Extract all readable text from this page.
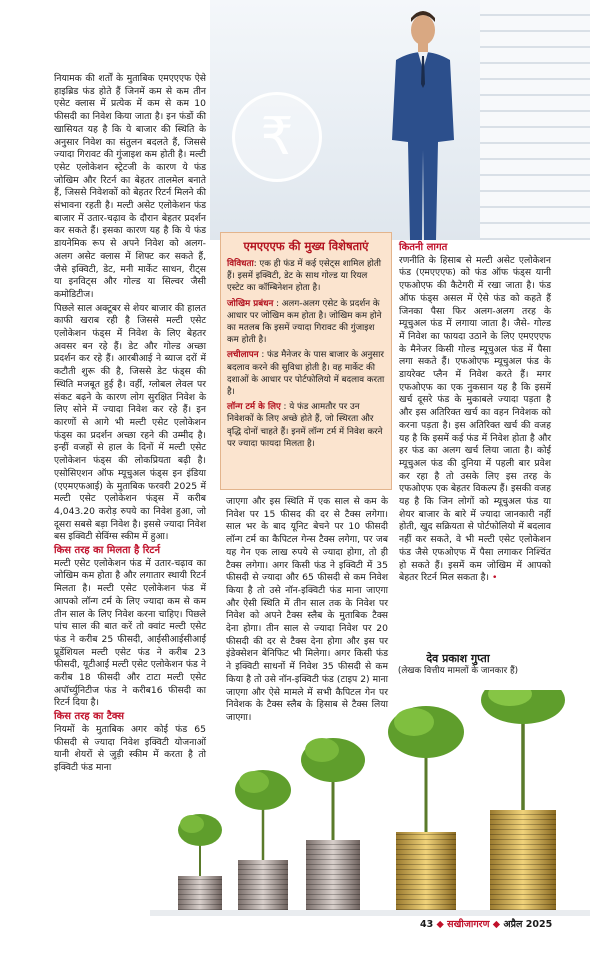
₹

नियामक की शर्तों के मुताबिक एमएएएफ ऐसे हाइब्रिड फंड होते हैं जिनमें कम से कम तीन एसेट क्लास में प्रत्येक में कम से कम 10 फीसदी का निवेश किया जाता है। इन फंडों की खासियत यह है कि ये बाजार की स्थिति के अनुसार निवेश का संतुलन बदलते हैं, जिससे ज्यादा गिरावट की गुंजाइश कम होती है। मल्टी एसेट एलोकेशन स्ट्रेटजी के कारण ये फंड जोखिम और रिटर्न का बेहतर तालमेल बनाते हैं, जिससे निवेशकों को बेहतर रिटर्न मिलने की संभावना रहती है। मल्टी असेट एलोकेशन फंड बाजार में उतार-चढ़ाव के दौरान बेहतर प्रदर्शन कर सकते हैं। इसका कारण यह है कि ये फंड डायनेमिक रूप से अपने निवेश को अलग-अलग असेट क्लास में शिफ्ट कर सकते हैं, जैसे इक्विटी, डेट, मनी मार्केट साधन, रीट्स या इनविट्स और गोल्ड या सिल्वर जैसी कमोडिटीज।

पिछले साल अक्टूबर से शेयर बाजार की हालत काफी खराब रही है जिससे मल्टी एसेट एलोकेशन फंड्स में निवेश के लिए बेहतर अवसर बन रहे हैं। डेट और गोल्ड अच्छा प्रदर्शन कर रहे हैं। आरबीआई ने ब्याज दरों में कटौती शुरू की है, जिससे डेट फंड्स की स्थिति मजबूत हुई है। वहीं, ग्लोबल लेवल पर संकट बढ़ने के कारण लोग सुरक्षित निवेश के लिए सोने में ज्यादा निवेश कर रहे हैं। इन कारणों से आगे भी मल्टी एसेट एलोकेशन फंड्स का प्रदर्शन अच्छा रहने की उम्मीद है। इन्हीं वजहों से हाल के दिनों में मल्टी एसेट एलोकेशन फंड्स की लोकप्रियता बढ़ी है। एसोसिएशन ऑफ म्यूचुअल फंड्स इन इंडिया (एएमएफआई) के मुताबिक फरवरी 2025 में मल्टी एसेट एलोकेशन फंड्स में करीब 4,043.20 करोड़ रुपये का निवेश हुआ, जो दूसरा सबसे बड़ा निवेश है। इससे ज्यादा निवेश बस इक्विटी सेविंग्स स्कीम में हुआ।

किस तरह का मिलता है रिटर्न

मल्टी एसेट एलोकेशन फंड में उतार-चढ़ाव का जोखिम कम होता है और लगातार स्थायी रिटर्न मिलता है। मल्टी एसेट एलोकेशन फंड में आपको लॉन्ग टर्म के लिए ज्यादा कम से कम तीन साल के लिए निवेश करना चाहिए। पिछले पांच साल की बात करें तो क्वांट मल्टी एसेट फंड ने करीब 25 फीसदी, आईसीआईसीआई प्रूडेंशियल मल्टी एसेट फंड ने करीब 23 फीसदी, यूटीआई मल्टी एसेट एलोकेशन फंड ने करीब 18 फीसदी और टाटा मल्टी एसेट अपॉर्च्युनिटीज फंड ने करीब16 फीसदी का रिटर्न दिया है।

किस तरह का टैक्स

नियमों के मुताबिक अगर कोई फंड 65 फीसदी से ज्यादा निवेश इक्विटी योजनाओं यानी शेयरों से जुड़ी स्कीम में करता है तो इक्विटी फंड माना

एमएएएफ की मुख्य विशेषताएं

विविधता: एक ही फंड में कई एसेट्स शामिल होती हैं। इसमें इक्विटी, डेट के साथ गोल्ड या रियल एस्टेट का कॉम्बिनेशन होता है।

जोखिम प्रबंधन : अलग-अलग एसेट के प्रदर्शन के आधार पर जोखिम कम होता है। जोखिम कम होने का मतलब कि इसमें ज्यादा गिरावट की गुंजाइश कम होती है।

लचीलापन : फंड मैनेजर के पास बाजार के अनुसार बदलाव करने की सुविधा होती है। वह मार्केट की दशाओं के आधार पर पोर्टफोलियो में बदलाव करता है।

लॉन्ग टर्म के लिए : ये फंड आमतौर पर उन निवेशकों के लिए अच्छे होते हैं, जो स्थिरता और वृद्धि दोनों चाहते हैं। इनमें लॉन्ग टर्म में निवेश करने पर ज्यादा फायदा मिलता है।

जाएगा और इस स्थिति में एक साल से कम के निवेश पर 15 फीसद की दर से टैक्स लगेगा। साल भर के बाद यूनिट बेचने पर 10 फीसदी लॉन्ग टर्म का कैपिटल गेन्स टैक्स लगेगा, पर जब यह गेन एक लाख रुपये से ज्यादा होगा, तो ही टैक्स लगेगा। अगर किसी फंड ने इक्विटी में 35 फीसदी से ज्यादा और 65 फीसदी से कम निवेश किया है तो उसे नॉन-इक्विटी फंड माना जाएगा और ऐसी स्थिति में तीन साल तक के निवेश पर निवेश को अपने टैक्स स्लैब के मुताबिक टैक्स देना होगा। तीन साल से ज्यादा निवेश पर 20 फीसदी की दर से टैक्स देना होगा और इस पर इंडेक्सेशन बेनिफिट भी मिलेगा। अगर किसी फंड ने इक्विटी साधनों में निवेश 35 फीसदी से कम किया है तो उसे नॉन-इक्विटी फंड (टाइप 2) माना जाएगा और ऐसे मामले में सभी कैपिटल गेन पर निवेशक के टैक्स स्लैब के हिसाब से टैक्स लिया जाएगा।

कितनी लागत

रणनीति के हिसाब से मल्टी असेट एलोकेशन फंड (एमएएएफ) को फंड ऑफ फंड्स यानी एफओएफ की कैटेगरी में रखा जाता है। फंड ऑफ फंड्स असल में ऐसे फंड को कहते हैं जिनका पैसा फिर अलग-अलग तरह के म्यूचुअल फंड में लगाया जाता है। जैसे- गोल्ड में निवेश का फायदा उठाने के लिए एमएएएफ के मैनेजर किसी गोल्ड म्यूचुअल फंड में पैसा लगा सकते हैं। एफओएफ म्यूचुअल फंड के डायरेक्ट प्लैन में निवेश करते हैं। मगर एफओएफ का एक नुकसान यह है कि इसमें खर्च दूसरे फंड के मुकाबले ज्यादा पड़ता है और इस अतिरिक्त खर्च का वहन निवेशक को करना पड़ता है। इस अतिरिक्त खर्च की वजह यह है कि इसमें कई फंड में निवेश होता है और हर फंड का अलग खर्च लिया जाता है। कोई म्यूचुअल फंड की दुनिया में पहली बार प्रवेश कर रहा है तो उसके लिए इस तरह के एफओएफ एक बेहतर विकल्प हैं। इसकी वजह यह है कि जिन लोगों को म्यूचुअल फंड या शेयर बाजार के बारे में ज्यादा जानकारी नहीं होती, खुद सक्रियता से पोर्टफोलियो में बदलाव नहीं कर सकते, वे भी मल्टी एसेट एलोकेशन फंड जैसे एफओएफ में पैसा लगाकर निश्चिंत हो सकते हैं। इसमें कम जोखिम में आपको बेहतर रिटर्न मिल सकता है। •

देव प्रकाश गुप्ता
(लेखक वित्तीय मामलों के जानकार हैं)
43 ◆ सखीजागरण ◆ अप्रैल 2025
